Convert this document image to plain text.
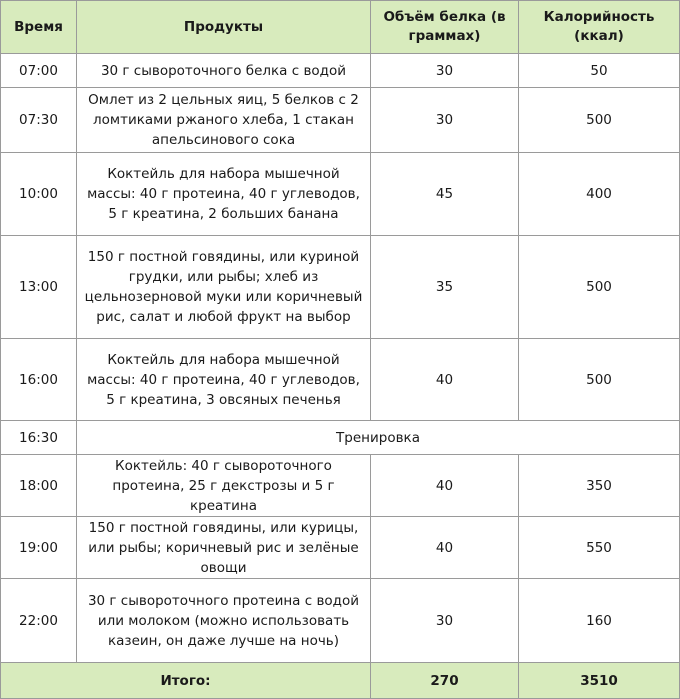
Время	Продукты	Объём белка (в граммах)	Калорийность (ккал)
07:00	30 г сывороточного белка с водой	30	50
07:30	Омлет из 2 цельных яиц, 5 белков с 2 ломтиками ржаного хлеба, 1 стакан апельсинового сока	30	500
10:00	Коктейль для набора мышечной массы: 40 г протеина, 40 г углеводов, 5 г креатина, 2 больших банана	45	400
13:00	150 г постной говядины, или куриной грудки, или рыбы; хлеб из цельнозерновой муки или коричневый рис, салат и любой фрукт на выбор	35	500
16:00	Коктейль для набора мышечной массы: 40 г протеина, 40 г углеводов, 5 г креатина, 3 овсяных печенья	40	500
16:30	Тренировка		
18:00	Коктейль: 40 г сывороточного протеина, 25 г декстрозы и 5 г креатина	40	350
19:00	150 г постной говядины, или курицы, или рыбы; коричневый рис и зелёные овощи	40	550
22:00	30 г сывороточного протеина с водой или молоком (можно использовать казеин, он даже лучше на ночь)	30	160
Итого:		270	3510
